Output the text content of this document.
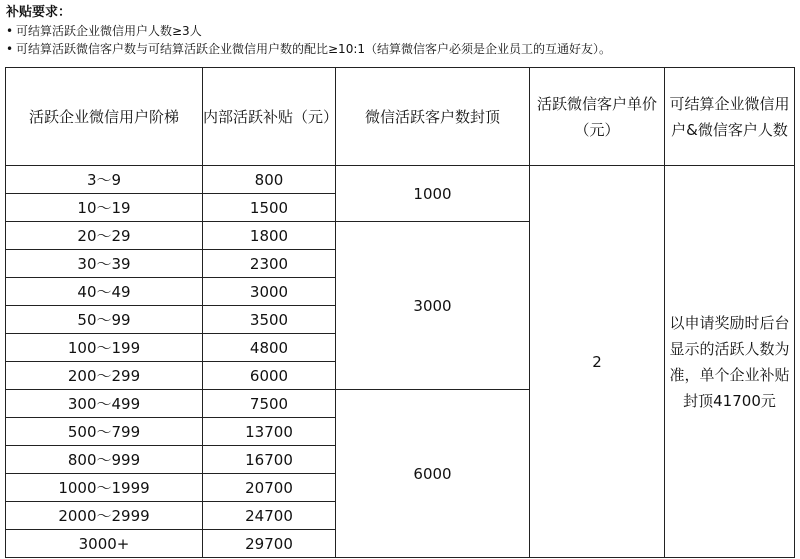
补贴要求：
• 可结算活跃企业微信用户人数≥3人
• 可结算活跃微信客户数与可结算活跃企业微信用户数的配比≥10:1（结算微信客户必须是企业员工的互通好友）。
活跃企业微信用户阶梯	内部活跃补贴（元）	微信活跃客户数封顶	活跃微信客户单价（元）	可结算企业微信用户&微信客户人数
3～9	800	1000	2	以申请奖励时后台显示的活跃人数为准，单个企业补贴封顶41700元
10～19	1500			
20～29	1800	3000		
30～39	2300			
40～49	3000			
50～99	3500			
100～199	4800			
200～299	6000			
300～499	7500	6000		
500～799	13700			
800～999	16700			
1000～1999	20700			
2000～2999	24700			
3000+	29700			
